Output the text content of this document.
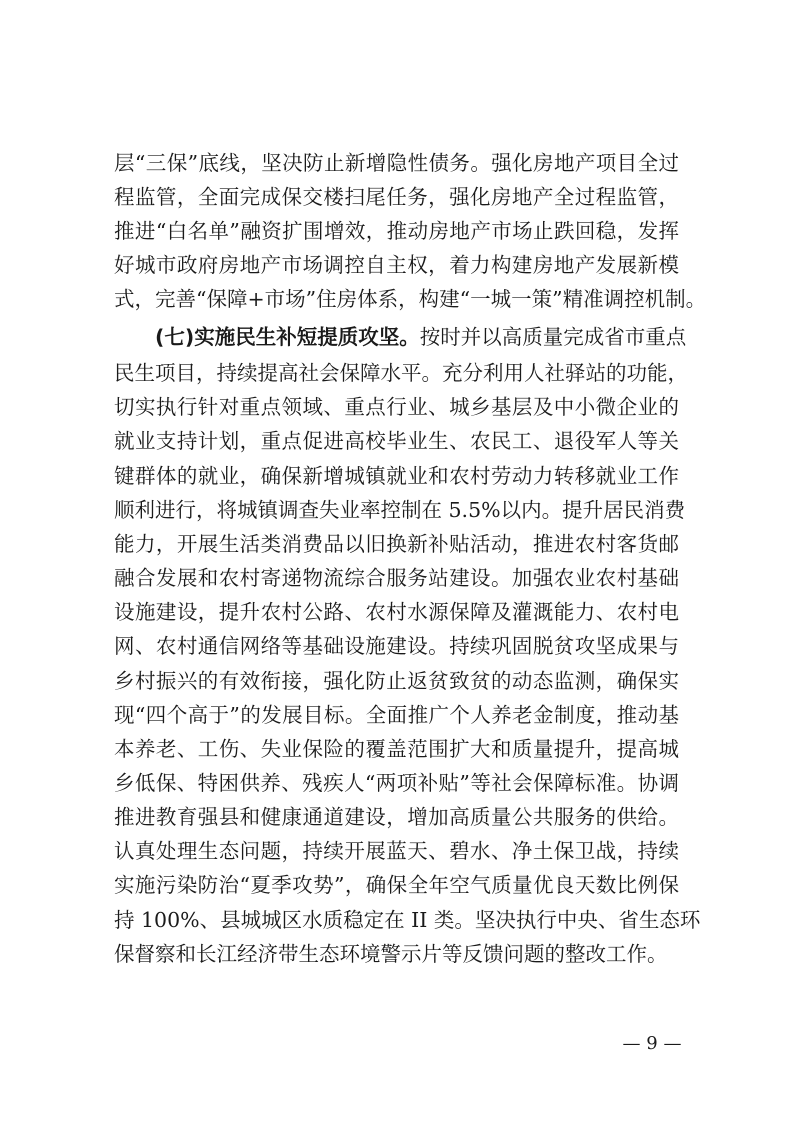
层“三保”底线，坚决防止新增隐性债务。强化房地产项目全过
程监管，全面完成保交楼扫尾任务，强化房地产全过程监管，
推进“白名单”融资扩围增效，推动房地产市场止跌回稳，发挥
好城市政府房地产市场调控自主权，着力构建房地产发展新模
式，完善“保障+市场”住房体系，构建“一城一策”精准调控机制。
(七)实施民生补短提质攻坚。按时并以高质量完成省市重点
民生项目，持续提高社会保障水平。充分利用人社驿站的功能，
切实执行针对重点领域、重点行业、城乡基层及中小微企业的
就业支持计划，重点促进高校毕业生、农民工、退役军人等关
键群体的就业，确保新增城镇就业和农村劳动力转移就业工作
顺利进行，将城镇调查失业率控制在 5.5%以内。提升居民消费
能力，开展生活类消费品以旧换新补贴活动，推进农村客货邮
融合发展和农村寄递物流综合服务站建设。加强农业农村基础
设施建设，提升农村公路、农村水源保障及灌溉能力、农村电
网、农村通信网络等基础设施建设。持续巩固脱贫攻坚成果与
乡村振兴的有效衔接，强化防止返贫致贫的动态监测，确保实
现“四个高于”的发展目标。全面推广个人养老金制度，推动基
本养老、工伤、失业保险的覆盖范围扩大和质量提升，提高城
乡低保、特困供养、残疾人“两项补贴”等社会保障标准。协调
推进教育强县和健康通道建设，增加高质量公共服务的供给。
认真处理生态问题，持续开展蓝天、碧水、净土保卫战，持续
实施污染防治“夏季攻势”，确保全年空气质量优良天数比例保
持 100%、县城城区水质稳定在 II 类。坚决执行中央、省生态环
保督察和长江经济带生态环境警示片等反馈问题的整改工作。
— 9 —
